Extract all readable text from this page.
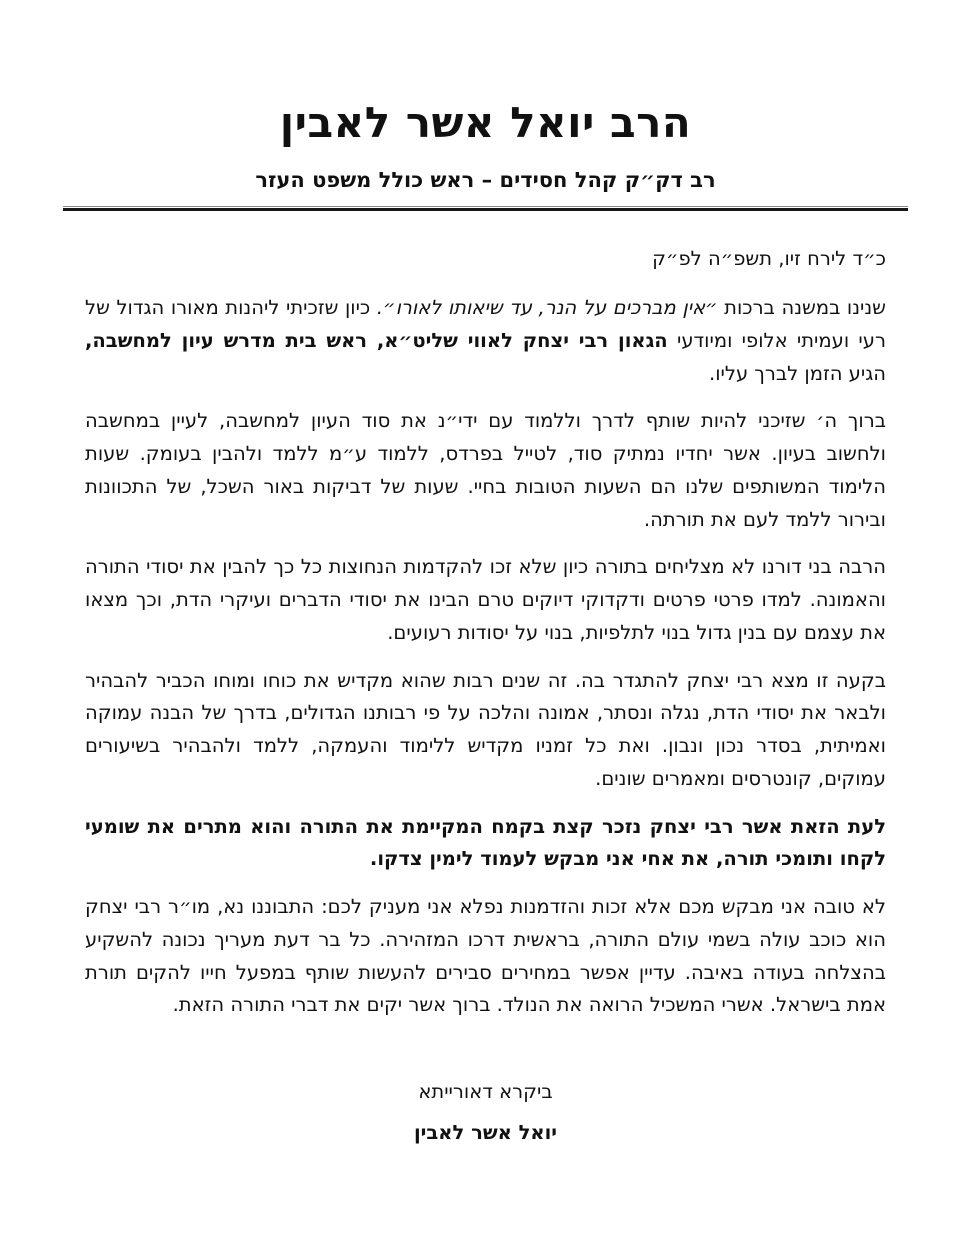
הרב יואל אשר לאבין
רב דק״ק קהל חסידים – ראש כולל משפט העזר
כ״ד לירח זיו, תשפ״ה לפ״ק

שנינו במשנה ברכות ״אין מברכים על הנר, עד שיאותו לאורו״. כיון שזכיתי ליהנות מאורו הגדול של רעי ועמיתי אלופי ומיודעי הגאון רבי יצחק לאווי שליט״א, ראש בית מדרש עיון למחשבה, הגיע הזמן לברך עליו.

ברוך ה׳ שזיכני להיות שותף לדרך וללמוד עם ידי״נ את סוד העיון למחשבה, לעיין במחשבה ולחשוב בעיון. אשר יחדיו נמתיק סוד, לטייל בפרדס, ללמוד ע״מ ללמד ולהבין בעומק. שעות הלימוד המשותפים שלנו הם השעות הטובות בחיי. שעות של דביקות באור השכל, של התכוונות ובירור ללמד לעם את תורתה.

הרבה בני דורנו לא מצליחים בתורה כיון שלא זכו להקדמות הנחוצות כל כך להבין את יסודי התורה והאמונה. למדו פרטי פרטים ודקדוקי דיוקים טרם הבינו את יסודי הדברים ועיקרי הדת, וכך מצאו את עצמם עם בנין גדול בנוי לתלפיות, בנוי על יסודות רעועים.

בקעה זו מצא רבי יצחק להתגדר בה. זה שנים רבות שהוא מקדיש את כוחו ומוחו הכביר להבהיר ולבאר את יסודי הדת, נגלה ונסתר, אמונה והלכה על פי רבותנו הגדולים, בדרך של הבנה עמוקה ואמיתית, בסדר נכון ונבון. ואת כל זמניו מקדיש ללימוד והעמקה, ללמד ולהבהיר בשיעורים עמוקים, קונטרסים ומאמרים שונים.

לעת הזאת אשר רבי יצחק נזכר קצת בקמח המקיימת את התורה והוא מתרים את שומעי לקחו ותומכי תורה, את אחי אני מבקש לעמוד לימין צדקו.

לא טובה אני מבקש מכם אלא זכות והזדמנות נפלא אני מעניק לכם: התבוננו נא, מו״ר רבי יצחק הוא כוכב עולה בשמי עולם התורה, בראשית דרכו המזהירה. כל בר דעת מעריך נכונה להשקיע בהצלחה בעודה באיבה. עדיין אפשר במחירים סבירים להעשות שותף במפעל חייו להקים תורת אמת בישראל. אשרי המשכיל הרואה את הנולד. ברוך אשר יקים את דברי התורה הזאת.

ביקרא דאורייתא
יואל אשר לאבין
